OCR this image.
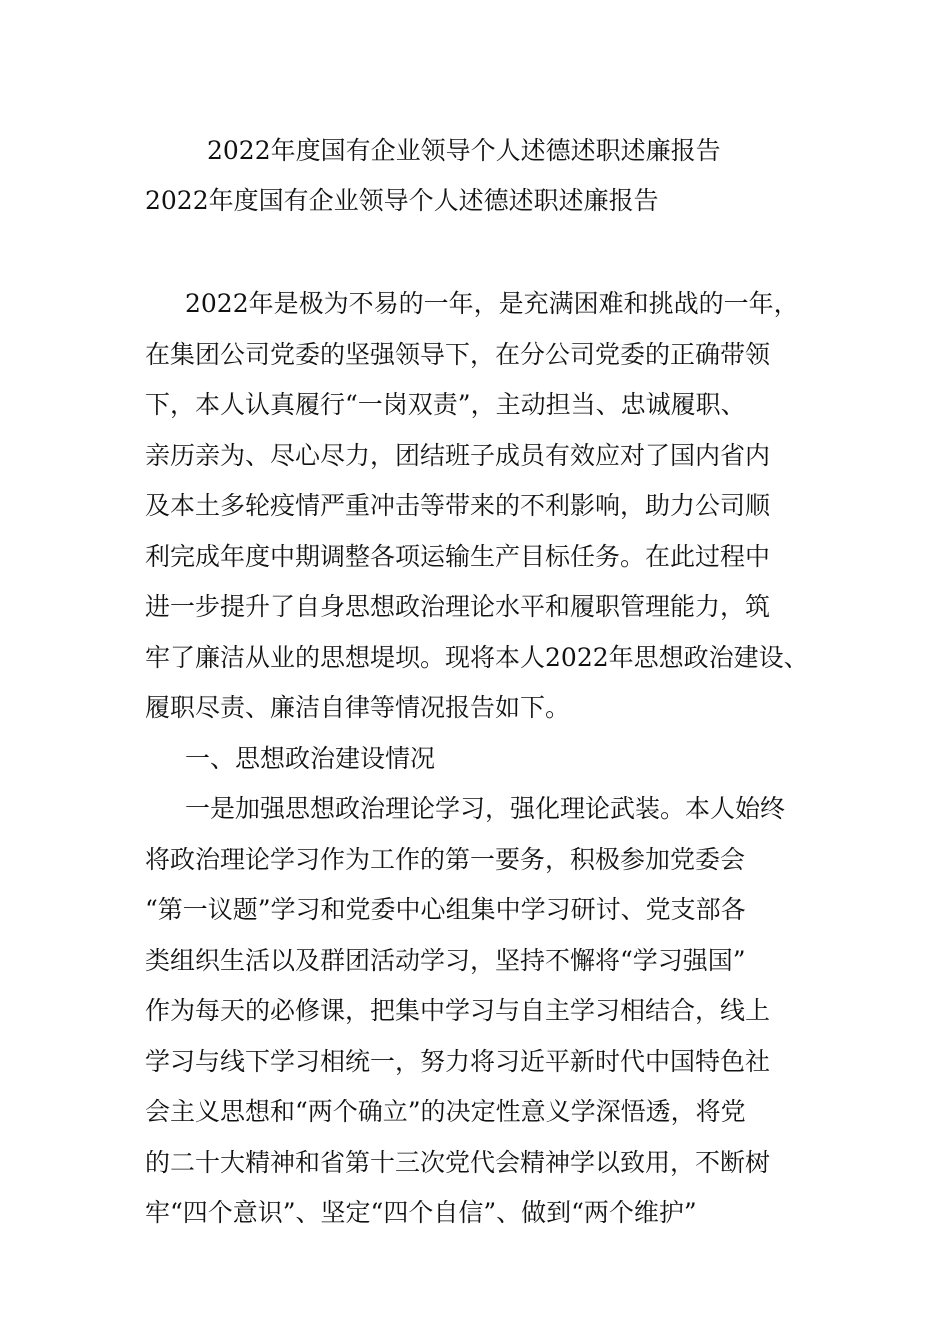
2022年度国有企业领导个人述德述职述廉报告
2022年度国有企业领导个人述德述职述廉报告
2022年是极为不易的一年，是充满困难和挑战的一年，
在集团公司党委的坚强领导下，在分公司党委的正确带领
下，本人认真履行“一岗双责”，主动担当、忠诚履职、
亲历亲为、尽心尽力，团结班子成员有效应对了国内省内
及本土多轮疫情严重冲击等带来的不利影响，助力公司顺
利完成年度中期调整各项运输生产目标任务。在此过程中
进一步提升了自身思想政治理论水平和履职管理能力，筑
牢了廉洁从业的思想堤坝。现将本人2022年思想政治建设、
履职尽责、廉洁自律等情况报告如下。
一、思想政治建设情况
一是加强思想政治理论学习，强化理论武装。本人始终
将政治理论学习作为工作的第一要务，积极参加党委会
“第一议题”学习和党委中心组集中学习研讨、党支部各
类组织生活以及群团活动学习，坚持不懈将“学习强国”
作为每天的必修课，把集中学习与自主学习相结合，线上
学习与线下学习相统一，努力将习近平新时代中国特色社
会主义思想和“两个确立”的决定性意义学深悟透，将党
的二十大精神和省第十三次党代会精神学以致用，不断树
牢“四个意识”、坚定“四个自信”、做到“两个维护”
